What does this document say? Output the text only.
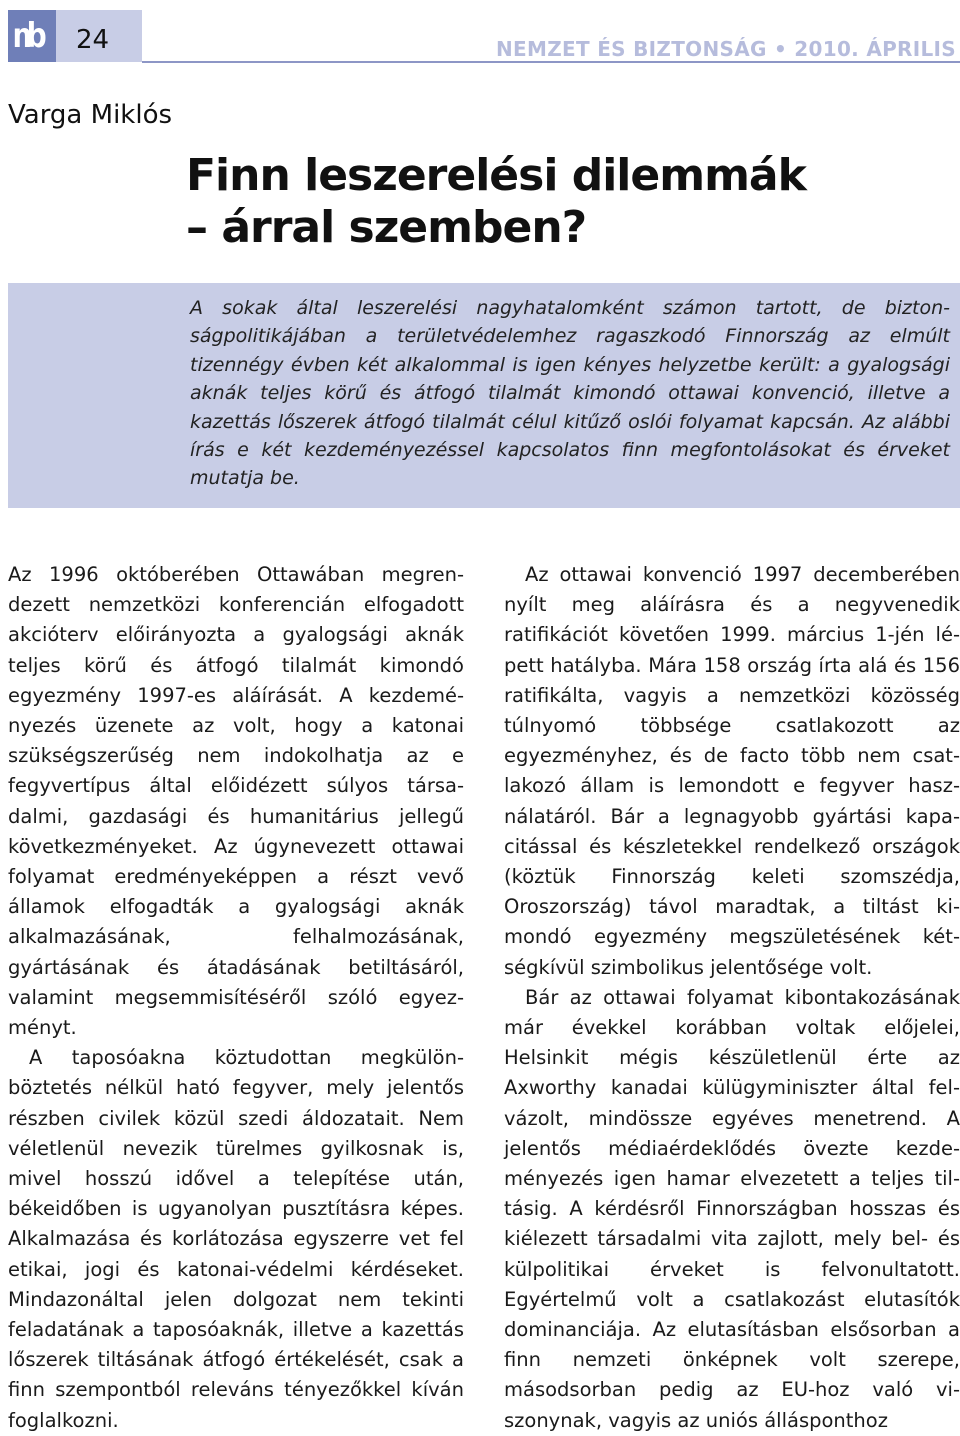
nb 24	NEMZET ÉS BIZTONSÁG • 2010. ÁPRILIS
Varga Miklós
Finn leszerelési dilemmák
– árral szemben?

A sokak által leszerelési nagyhatalomként számon tartott, de biztonságpolitikájában a területvédelemhez ragaszkodó Finnország az elmúlt tizennégy évben két alkalommal is igen kényes helyzetbe került: a gyalogsági aknák teljes körű és átfogó tilalmát kimondó ottawai konvenció, illetve a kazettás lőszerek átfogó tilalmát célul kitűző oslói folyamat kapcsán. Az alábbi írás e két kezdeményezéssel kapcsolatos finn megfontolásokat és érveket mutatja be.

Az 1996 októberében Ottawában megrendezett nemzetközi konferencián elfogadott akcióterv előirányozta a gyalogsági aknák teljes körű és átfogó tilalmát kimondó egyezmény 1997-es aláírását. A kezdeményezés üzenete az volt, hogy a katonai szükségszerűség nem indokolhatja az e fegyvertípus által előidézett súlyos társadalmi, gazdasági és humanitárius jellegű következményeket. Az úgynevezett ottawai folyamat eredményeképpen a részt vevő államok elfogadták a gyalogsági aknák alkalmazásának, felhalmozásának, gyártásának és átadásának betiltásáról, valamint megsemmisítéséről szóló egyezményt.

A taposóakna köztudottan megkülönböztetés nélkül ható fegyver, mely jelentős részben civilek közül szedi áldozatait. Nem véletlenül nevezik türelmes gyilkosnak is, mivel hosszú idővel a telepítése után, békeidőben is ugyanolyan pusztításra képes. Alkalmazása és korlátozása egyszerre vet fel etikai, jogi és katonai-védelmi kérdéseket. Mindazonáltal jelen dolgozat nem tekinti feladatának a taposóaknák, illetve a kazettás lőszerek tiltásának átfogó értékelését, csak a finn szempontból releváns tényezőkkel kíván foglalkozni.

Az ottawai konvenció 1997 decemberében nyílt meg aláírásra és a negyvenedik ratifikációt követően 1999. március 1-jén lépett hatályba. Mára 158 ország írta alá és 156 ratifikálta, vagyis a nemzetközi közösség túlnyomó többsége csatlakozott az egyezményhez, és de facto több nem csatlakozó állam is lemondott e fegyver használatáról. Bár a legnagyobb gyártási kapacitással és készletekkel rendelkező országok (köztük Finnország keleti szomszédja, Oroszország) távol maradtak, a tiltást kimondó egyezmény megszületésének kétségkívül szimbolikus jelentősége volt.

Bár az ottawai folyamat kibontakozásának már évekkel korábban voltak előjelei, Helsinkit mégis készületlenül érte az Axworthy kanadai külügyminiszter által felvázolt, mindössze egyéves menetrend. A jelentős médiaérdeklődés övezte kezdeményezés igen hamar elvezetett a teljes tiltásig. A kérdésről Finnországban hosszas és kiélezett társadalmi vita zajlott, mely bel- és külpolitikai érveket is felvonultatott. Egyértelmű volt a csatlakozást elutasítók dominanciája. Az elutasításban elsősorban a finn nemzeti önképnek volt szerepe, másodsorban pedig az EU-hoz való viszonynak, vagyis az uniós állásponthoz
